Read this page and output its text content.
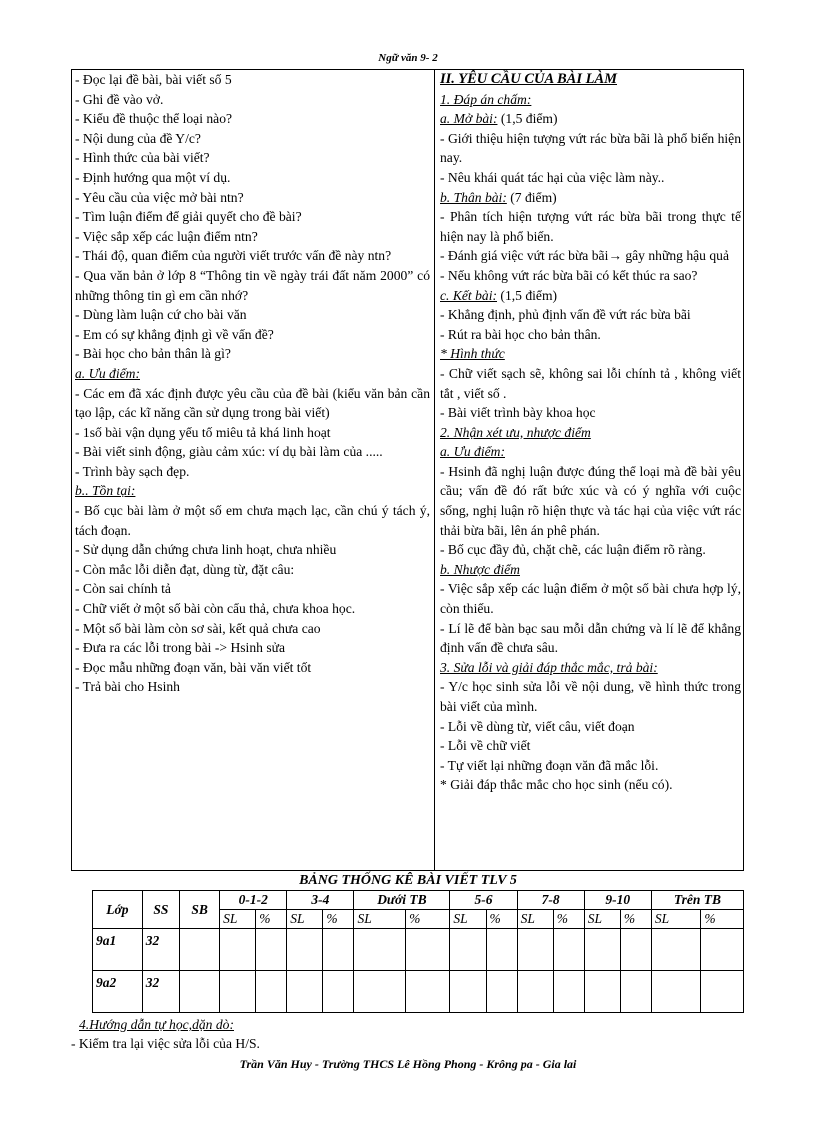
Ngữ văn 9- 2
- Đọc lại đề bài, bài viết số 5
- Ghi đề vào vở.
- Kiểu đề thuộc thể loại nào?
- Nội dung của đề Y/c?
- Hình thức của bài viết?
- Định hướng qua một ví dụ.
- Yêu cầu của việc mở bài ntn?
- Tìm luận điểm để giải quyết cho đề bài?
- Việc sắp xếp các luận điểm ntn?
- Thái độ, quan điểm của người viết trước vấn đề này ntn?
- Qua văn bản ở lớp 8 “Thông tin về ngày trái đất năm 2000” có những thông tin gì em cần nhớ?
- Dùng làm luận cứ cho bài văn
- Em có sự khẳng định gì về vấn đề?
- Bài học cho bản thân là gì?
a. Ưu điểm:
- Các em đã xác định được yêu cầu của đề bài (kiểu văn bản cần tạo lập, các kĩ năng cần sử dụng trong bài viết)
- 1số bài vận dụng yếu tố miêu tả khá linh hoạt
- Bài viết sinh động, giàu cảm xúc: ví dụ bài làm của .....
- Trình bày sạch đẹp.
b.. Tồn tại:
- Bố cục bài làm ở một số em chưa mạch lạc, cần chú ý tách ý, tách đoạn.
- Sử dụng dẫn chứng chưa linh hoạt, chưa nhiều
- Còn mắc lỗi diễn đạt, dùng từ, đặt câu:
- Còn sai chính tả
- Chữ viết ở một số bài còn cẩu thả, chưa khoa học.
- Một số bài làm còn sơ sài, kết quả chưa cao
- Đưa ra các lỗi trong bài -> Hsinh sửa
- Đọc mẫu những đoạn văn, bài văn viết tốt
- Trả bài cho Hsinh
II. YÊU CẦU CỦA BÀI LÀM
1. Đáp án chấm:
a. Mở bài: (1,5 điểm)
- Giới thiệu hiện tượng vứt rác bừa bãi là phổ biến hiện nay.
- Nêu khái quát tác hại của việc làm này..
b. Thân bài: (7 điểm)
- Phân tích hiện tượng vứt rác bừa bãi trong thực tế hiện nay là phổ biến.
- Đánh giá việc vứt rác bừa bãi→ gây những hậu quả
- Nếu không vứt rác bừa bãi có kết thúc ra sao?
c. Kết bài: (1,5 điểm)
- Khẳng định, phủ định vấn đề vứt rác bừa bãi
- Rút ra bài học cho bản thân.
* Hình thức
- Chữ viết sạch sẽ, không sai lỗi chính tả , không viết tắt , viết số .
- Bài viết trình bày khoa học
2. Nhận xét ưu, nhược điểm
a. Ưu điểm:
- Hsinh đã nghị luận được đúng thể loại mà đề bài yêu cầu; vấn đề đó rất bức xúc và có ý nghĩa với cuộc sống, nghị luận rõ hiện thực và tác hại của việc vứt rác thải bừa bãi, lên án phê phán.
- Bố cục đầy đủ, chặt chẽ, các luận điểm rõ ràng.
b. Nhược điểm
- Việc sắp xếp các luận điểm ở một số bài chưa hợp lý, còn thiếu.
- Lí lẽ để bàn bạc sau mỗi dẫn chứng và lí lẽ để khẳng định vấn đề chưa sâu.
3. Sửa lỗi và giải đáp thắc mắc, trả bài:
- Y/c học sinh sửa lỗi về nội dung, về hình thức trong bài viết của mình.
- Lỗi về dùng từ, viết câu, viết đoạn
- Lỗi về chữ viết
- Tự viết lại những đoạn văn đã mắc lỗi.
* Giải đáp thắc mắc cho học sinh (nếu có).
BẢNG THỐNG KÊ BÀI VIẾT TLV 5
Lớp	SS	SB	0-1-2		3-4		Dưới TB		5-6		7-8		9-10		Trên TB	
			SL	%	SL	%	SL	%	SL	%	SL	%	SL	%	SL	%
9a1	32															
9a2	32															
4.Hướng dẫn tự học,dặn dò:
- Kiểm tra lại việc sửa lỗi của H/S.
Trần Văn Huy - Trường THCS Lê Hồng Phong - Krông pa - Gia lai
